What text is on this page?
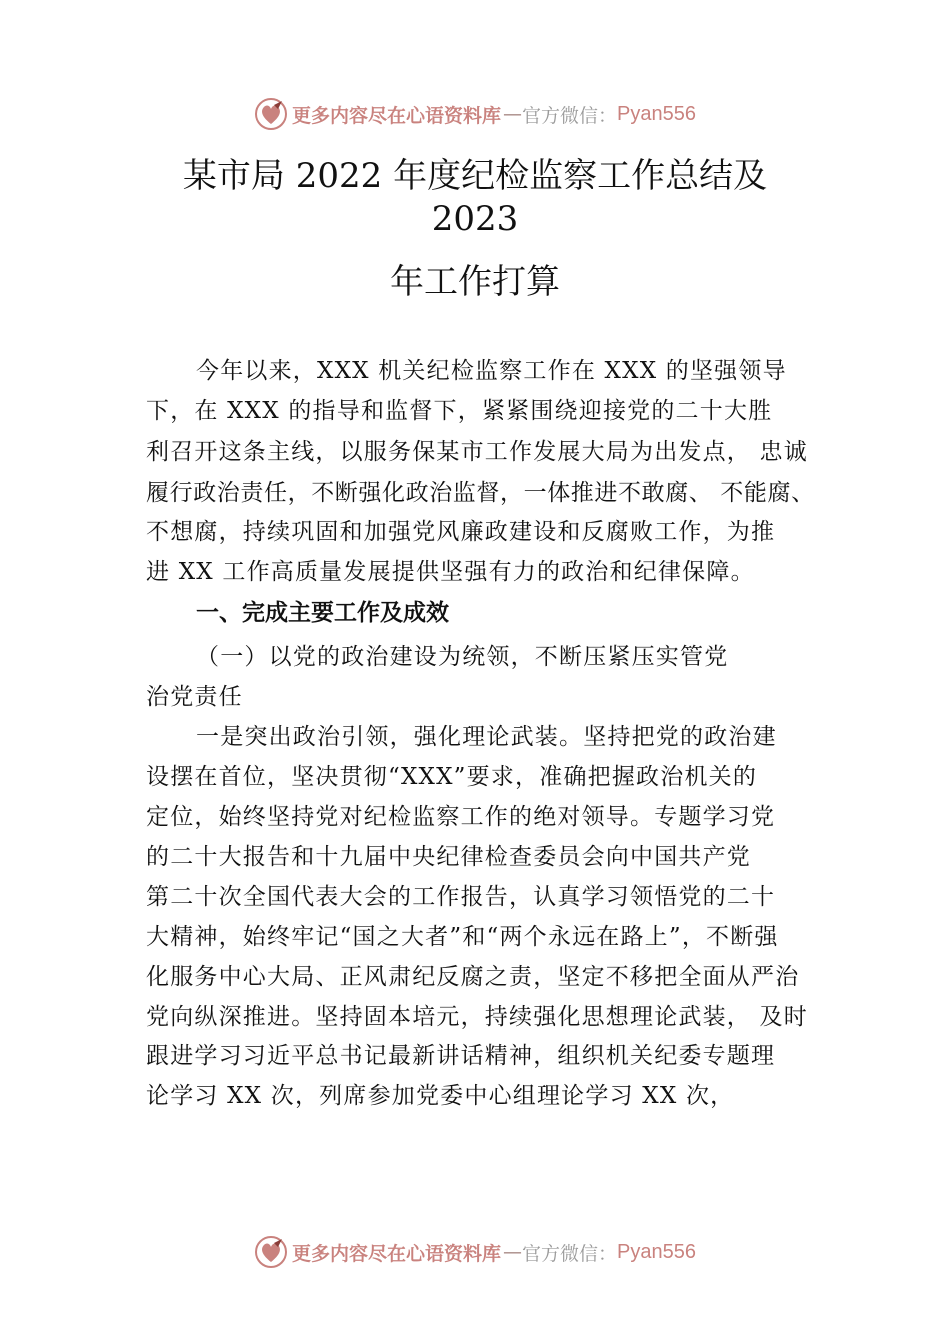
更多内容尽在心语资料库 — 官方微信： Pyan556
某市局 2022 年度纪检监察工作总结及
2023
年工作打算
今年以来，XXX 机关纪检监察工作在 XXX 的坚强领导
下，在 XXX 的指导和监督下，紧紧围绕迎接党的二十大胜
利召开这条主线，以服务保某市工作发展大局为出发点， 忠诚
履行政治责任，不断强化政治监督，一体推进不敢腐、 不能腐、
不想腐，持续巩固和加强党风廉政建设和反腐败工作，为推
进 XX 工作高质量发展提供坚强有力的政治和纪律保障。
一、完成主要工作及成效
（一）以党的政治建设为统领，不断压紧压实管党
治党责任
一是突出政治引领，强化理论武装。坚持把党的政治建
设摆在首位，坚决贯彻“XXX”要求，准确把握政治机关的
定位，始终坚持党对纪检监察工作的绝对领导。专题学习党
的二十大报告和十九届中央纪律检查委员会向中国共产党
第二十次全国代表大会的工作报告，认真学习领悟党的二十
大精神，始终牢记“国之大者”和“两个永远在路上”，不断强
化服务中心大局、正风肃纪反腐之责，坚定不移把全面从严治
党向纵深推进。坚持固本培元，持续强化思想理论武装， 及时
跟进学习习近平总书记最新讲话精神，组织机关纪委专题理
论学习 XX 次，列席参加党委中心组理论学习 XX 次，
更多内容尽在心语资料库 — 官方微信： Pyan556
